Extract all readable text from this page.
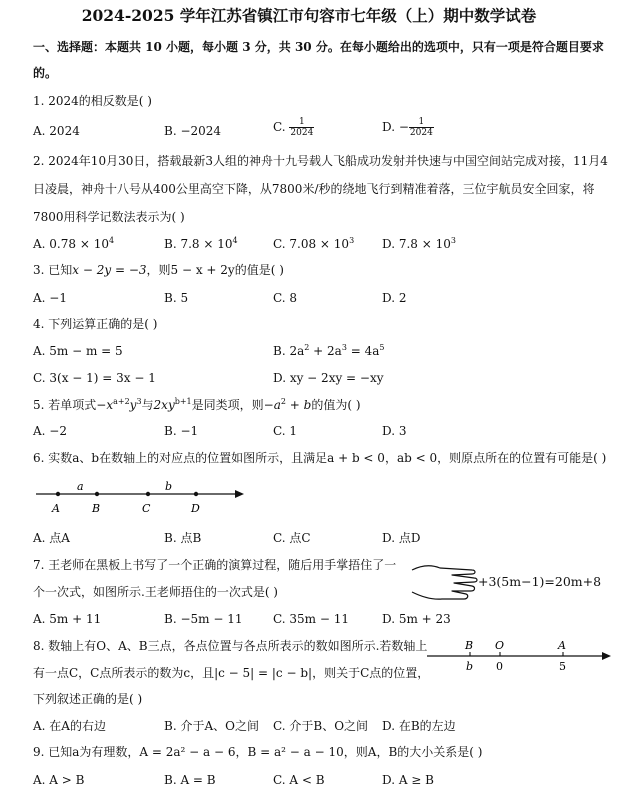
2024-2025 学年江苏省镇江市句容市七年级（上）期中数学试卷
一、选择题：本题共 10 小题，每小题 3 分，共 30 分。在每小题给出的选项中，只有一项是符合题目要求
的。
1. 2024的相反数是( )
A. 2024	B. −2024	C. $\frac{1}{2024}$	D. − $\frac{1}{2024}$
2. 2024年10月30日，搭载最新3人组的神舟十九号载人飞船成功发射并快速与中国空间站完成对接，11月4
日凌晨，神舟十八号从400公里高空下降，从7800米/秒的绕地飞行到精准着落，三位宇航员安全回家，将
7800用科学记数法表示为( )
A. $0.78 \times 10^4$	B. $7.8 \times 10^4$	C. $7.08 \times 10^3$ D. $7.8 \times 10^3$
3. 已知x − 2y = −3，则5 − x + 2y的值是( )
A. −1	B. 5	C. 8	D. 2
4. 下列运算正确的是( )
A. 5m − m = 5	B. $2a^2 + 2a^3 = 4a^5$
C. 3(x − 1) = 3x − 1	D. xy − 2xy = −xy
5. 若单项式$-x^{a+2}y^3$与$2xy^{b+1}$是同类项，则$-a^2 + b$的值为( )
A. −2	B. −1	C. 1	D. 3
6. 实数a、b在数轴上的对应点的位置如图所示，且满足a + b < 0，ab < 0，则原点所在的位置有可能是( )
a	b
A	B	C	D
A. 点A	B. 点B	C. 点C	D. 点D
7. 王老师在黑板上书写了一个正确的演算过程，随后用手掌捂住了一
个一次式，如图所示.王老师捂住的一次式是( )
+3(5m−1)=20m+8
A. 5m + 11	B. −5m − 11	C. 35m − 11	D. 5m + 23
8. 数轴上有O、A、B三点，各点位置与各点所表示的数如图所示.若数轴上
有一点C，C点所表示的数为c，且|c − 5| = |c − b|，则关于C点的位置，
下列叙述正确的是( )
B O	A
b 0	5
A. 在A的右边	B. 介于A、O之间 C. 介于B、O之间 D. 在B的左边
9. 已知a为有理数，A = 2a² − a − 6，B = a² − a − 10，则A，B的大小关系是( )
A. A > B	B. A = B	C. A < B	D. A ≥ B
